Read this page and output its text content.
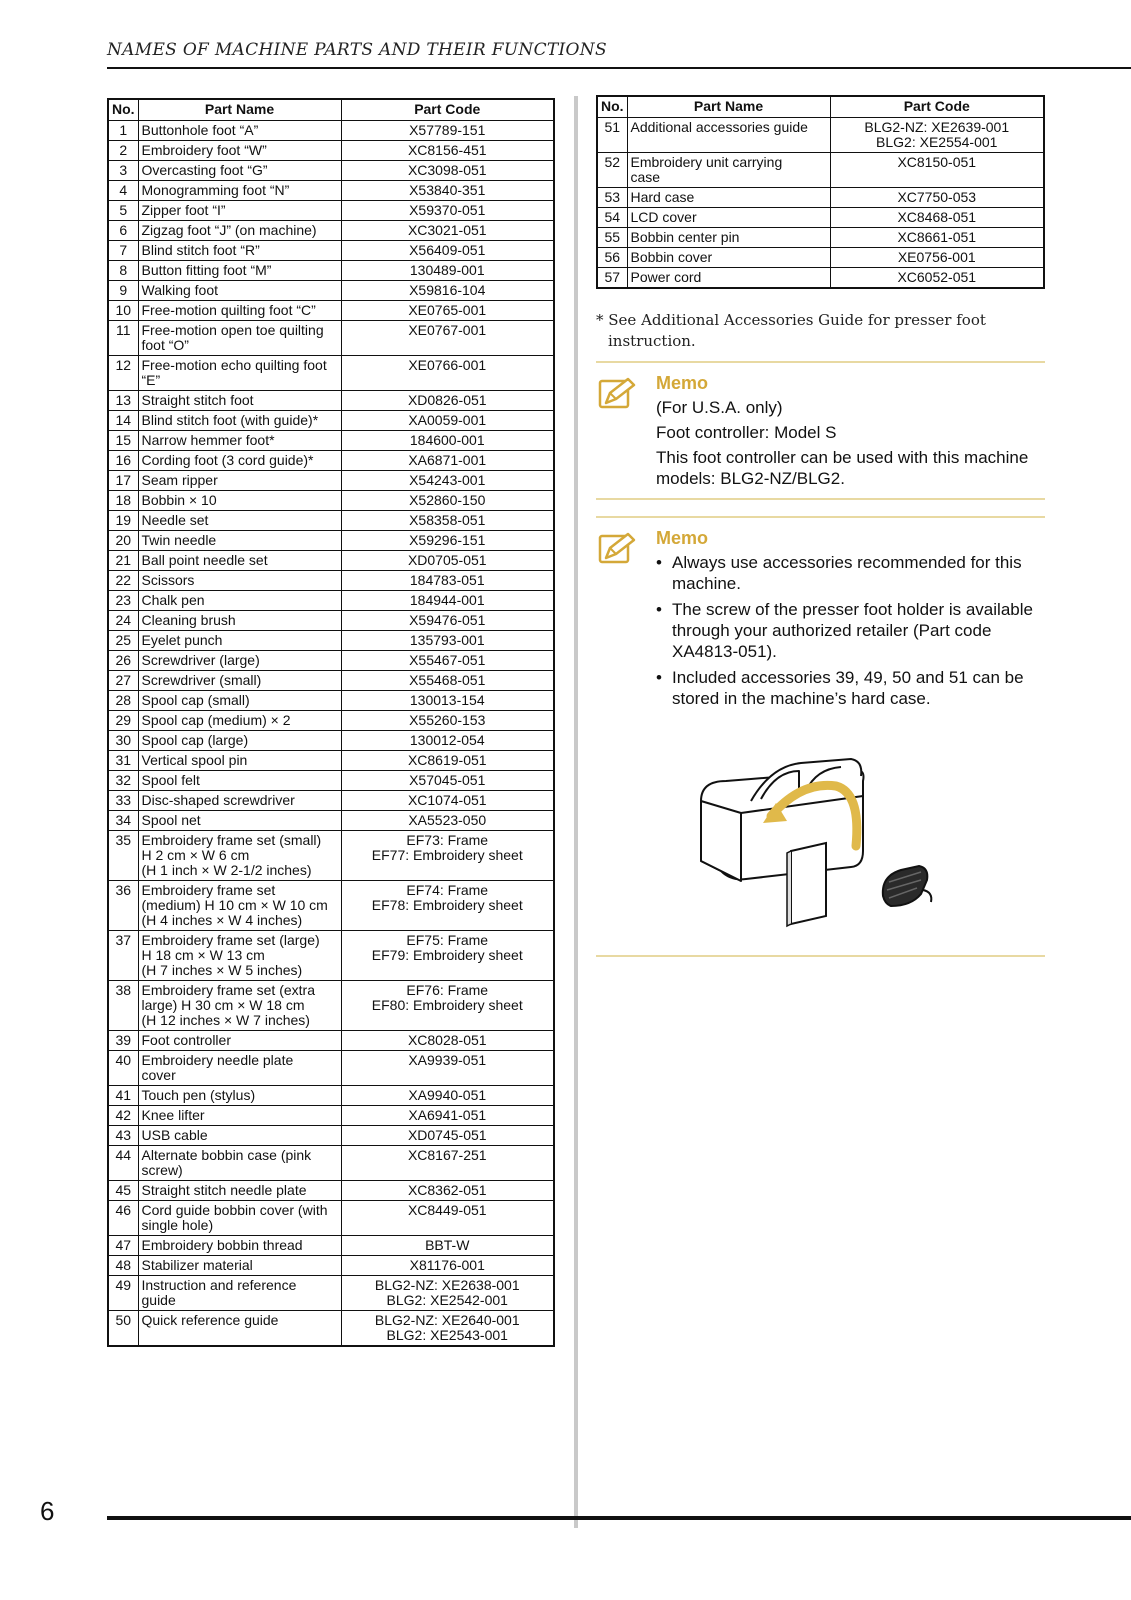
NAMES OF MACHINE PARTS AND THEIR FUNCTIONS
No.	Part Name	Part Code
1	Buttonhole foot “A”	X57789-151
2	Embroidery foot “W”	XC8156-451
3	Overcasting foot “G”	XC3098-051
4	Monogramming foot “N”	X53840-351
5	Zipper foot “I”	X59370-051
6	Zigzag foot “J” (on machine)	XC3021-051
7	Blind stitch foot “R”	X56409-051
8	Button fitting foot “M”	130489-001
9	Walking foot	X59816-104
10	Free-motion quilting foot “C”	XE0765-001
11	Free-motion open toe quilting
foot “O”	XE0767-001
12	Free-motion echo quilting foot
“E”	XE0766-001
13	Straight stitch foot	XD0826-051
14	Blind stitch foot (with guide)*	XA0059-001
15	Narrow hemmer foot*	184600-001
16	Cording foot (3 cord guide)*	XA6871-001
17	Seam ripper	X54243-001
18	Bobbin × 10	X52860-150
19	Needle set	X58358-051
20	Twin needle	X59296-151
21	Ball point needle set	XD0705-051
22	Scissors	184783-051
23	Chalk pen	184944-001
24	Cleaning brush	X59476-051
25	Eyelet punch	135793-001
26	Screwdriver (large)	X55467-051
27	Screwdriver (small)	X55468-051
28	Spool cap (small)	130013-154
29	Spool cap (medium) × 2	X55260-153
30	Spool cap (large)	130012-054
31	Vertical spool pin	XC8619-051
32	Spool felt	X57045-051
33	Disc-shaped screwdriver	XC1074-051
34	Spool net	XA5523-050
35	Embroidery frame set (small)
H 2 cm × W 6 cm
(H 1 inch × W 2-1/2 inches)	EF73: Frame
EF77: Embroidery sheet
36	Embroidery frame set
(medium) H 10 cm × W 10 cm
(H 4 inches × W 4 inches)	EF74: Frame
EF78: Embroidery sheet
37	Embroidery frame set (large)
H 18 cm × W 13 cm
(H 7 inches × W 5 inches)	EF75: Frame
EF79: Embroidery sheet
38	Embroidery frame set (extra
large) H 30 cm × W 18 cm
(H 12 inches × W 7 inches)	EF76: Frame
EF80: Embroidery sheet
39	Foot controller	XC8028-051
40	Embroidery needle plate
cover	XA9939-051
41	Touch pen (stylus)	XA9940-051
42	Knee lifter	XA6941-051
43	USB cable	XD0745-051
44	Alternate bobbin case (pink
screw)	XC8167-251
45	Straight stitch needle plate	XC8362-051
46	Cord guide bobbin cover (with
single hole)	XC8449-051
47	Embroidery bobbin thread	BBT-W
48	Stabilizer material	X81176-001
49	Instruction and reference
guide	BLG2-NZ: XE2638-001
BLG2: XE2542-001
50	Quick reference guide	BLG2-NZ: XE2640-001
BLG2: XE2543-001
No.	Part Name	Part Code
51	Additional accessories guide	BLG2-NZ: XE2639-001
BLG2: XE2554-001
52	Embroidery unit carrying
case	XC8150-051
53	Hard case	XC7750-053
54	LCD cover	XC8468-051
55	Bobbin center pin	XC8661-051
56	Bobbin cover	XE0756-001
57	Power cord	XC6052-051
* See Additional Accessories Guide for presser foot instruction.
Memo

(For U.S.A. only)

Foot controller: Model S

This foot controller can be used with this machine models: BLG2-NZ/BLG2.

Memo
• Always use accessories recommended for this machine.
• The screw of the presser foot holder is available through your authorized retailer (Part code XA4813-051).
• Included accessories 39, 49, 50 and 51 can be stored in the machine’s hard case.
6
